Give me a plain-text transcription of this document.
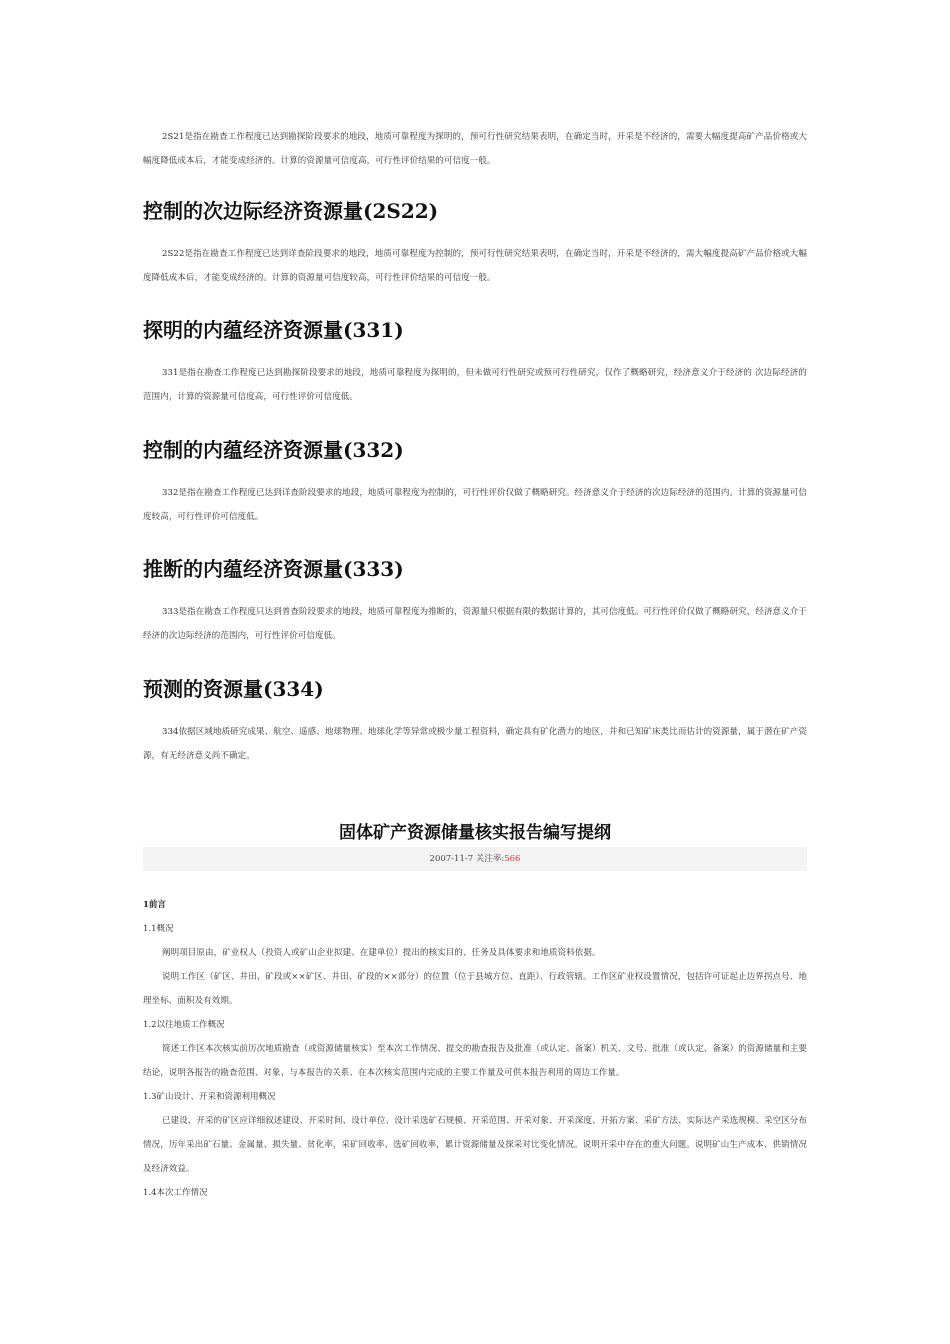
2S21是指在勘查工作程度已达到勘探阶段要求的地段，地质可靠程度为探明的，预可行性研究结果表明，在确定当时，开采是不经济的，需要大幅度提高矿产品价格或大幅度降低成本后，才能变成经济的。计算的资源量可信度高，可行性评价结果的可信度一般。

控制的次边际经济资源量(2S22)

2S22是指在勘查工作程度已达到详查阶段要求的地段，地质可靠程度为控制的，预可行性研究结果表明，在确定当时，开采是不经济的，需大幅度提高矿产品价格或大幅度降低成本后，才能变成经济的。计算的资源量可信度较高，可行性评价结果的可信度一般。

探明的内蕴经济资源量(331)

331是指在勘查工作程度已达到勘探阶段要求的地段，地质可靠程度为探明的，但未做可行性研究或预可行性研究，仅作了概略研究，经济意义介于经济的 次边际经济的范围内，计算的资源量可信度高，可行性评价可信度低。

控制的内蕴经济资源量(332)

332是指在勘查工作程度已达到详查阶段要求的地段，地质可靠程度为控制的，可行性评价仅做了概略研究。经济意义介于经济的次边际经济的范围内。计算的资源量可信度较高，可行性评价可信度低。

推断的内蕴经济资源量(333)

333是指在勘查工作程度只达到普查阶段要求的地段，地质可靠程度为推断的，资源量只根据有限的数据计算的，其可信度低。可行性评价仅做了概略研究，经济意义介于经济的次边际经济的范围内，可行性评价可信度低。

预测的资源量(334)

334依据区域地质研究成果、航空、遥感、地球物理、地球化学等异常或极少量工程资料，确定具有矿化潜力的地区，并和已知矿床类比而估计的资源量，属于潜在矿产资源，有无经济意义尚不确定。

固体矿产资源储量核实报告编写提纲
2007-11-7 关注率:566

1前言

1.1概况

阐明项目原由，矿业权人（投资人或矿山企业拟建、在建单位）提出的核实目的、任务及具体要求和地质资料依据。

说明工作区（矿区、井田、矿段或××矿区、井田、矿段的××部分）的位置（位于县城方位、直距）、行政管辖。工作区矿业权设置情况，包括许可证起止边界拐点号、地理坐标、面积及有效期。

1.2以往地质工作概况

简述工作区本次核实前历次地质勘查（或资源储量核实）至本次工作情况、提交的勘查报告及批准（或认定、备案）机关、文号、批准（或认定、备案）的资源储量和主要结论，说明各报告的勘查范围、对象、与本报告的关系、在本次核实范围内完成的主要工作量及可供本报告利用的周边工作量。

1.3矿山设计、开采和资源利用概况

已建设、开采的矿区应详细叙述建设、开采时间、设计单位、设计采选矿石规模、开采范围、开采对象、开采深度、开拓方案、采矿方法、实际达产采选规模、采空区分布情况，历年采出矿石量、金属量、损失量、贫化率，采矿回收率、选矿回收率，累计资源储量及探采对比变化情况。说明开采中存在的重大问题。说明矿山生产成本、供销情况及经济效益。

1.4本次工作情况
